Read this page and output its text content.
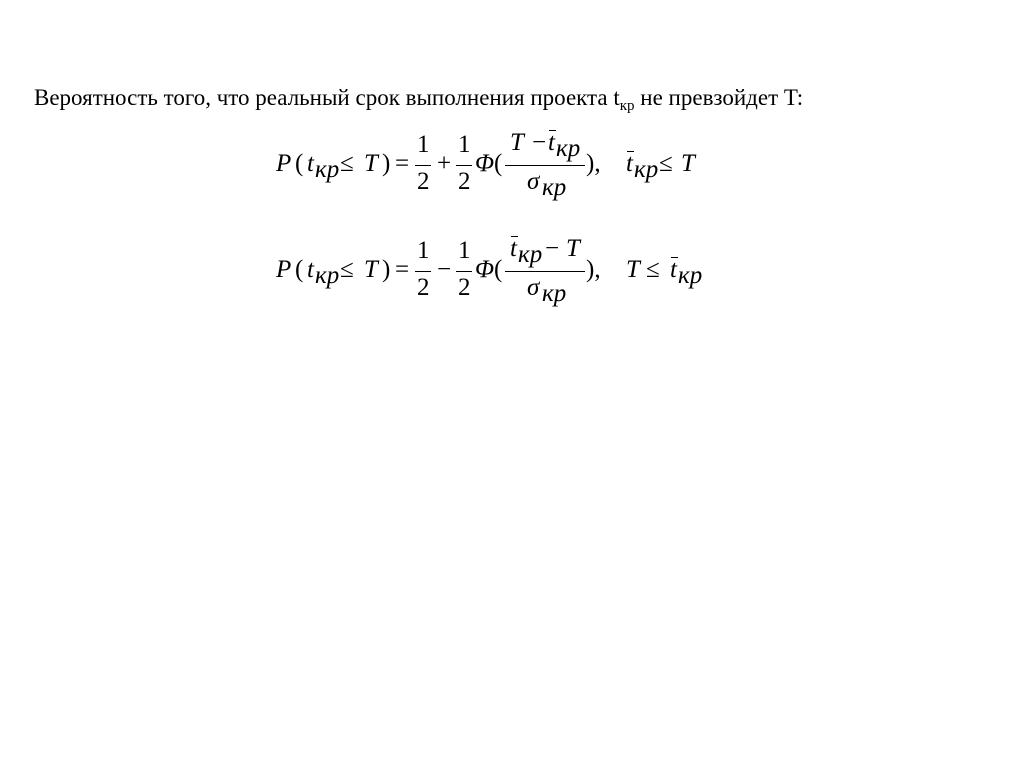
Вероятность того, что реальный срок выполнения проекта $t_{кр}$ не превзойдет T:
P ( t кр ≤ T ) =
1
2
+
1
2
Φ (
T − t кр
σ кр
), t кр ≤ T
P ( t кр ≤ T ) =
1
2
−
1
2
Φ (
t кр − T
σ кр
), T ≤ t кр
